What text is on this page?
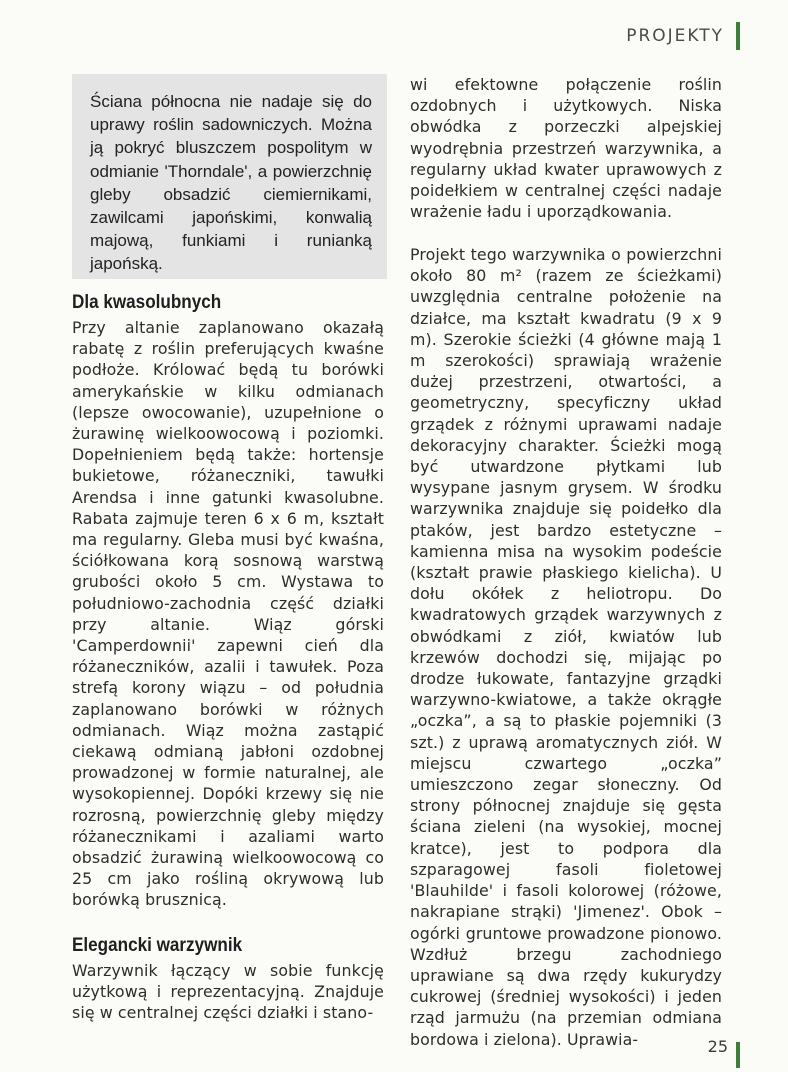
PROJEKTY
Ściana północna nie nadaje się do uprawy roślin sadowniczych. Można ją pokryć bluszczem pospolitym w odmianie 'Thorndale', a powierzchnię gleby obsadzić ciemiernikami, zawilcami japońskimi, konwalią majową, funkiami i runianką japońską.
Dla kwasolubnych
Przy altanie zaplanowano okazałą rabatę z roślin preferujących kwaśne podłoże. Królować będą tu borówki amerykańskie w kilku odmianach (lepsze owocowanie), uzupełnione o żurawinę wielkoowocową i poziomki. Dopełnieniem będą także: hortensje bukietowe, różaneczniki, tawułki Arendsa i inne gatunki kwasolubne. Rabata zajmuje teren 6 x 6 m, kształt ma regularny. Gleba musi być kwaśna, ściółkowana korą sosnową warstwą grubości około 5 cm. Wystawa to południowo-zachodnia część działki przy altanie. Wiąz górski 'Camperdownii' zapewni cień dla różaneczników, azalii i tawułek. Poza strefą korony wiązu – od południa zaplanowano borówki w różnych odmianach. Wiąz można zastąpić ciekawą odmianą jabłoni ozdobnej prowadzonej w formie naturalnej, ale wysokopiennej. Dopóki krzewy się nie rozrosną, powierzchnię gleby między różanecznikami i azaliami warto obsadzić żurawiną wielkoowocową co 25 cm jako rośliną okrywową lub borówką brusznicą.
Elegancki warzywnik
Warzywnik łączący w sobie funkcję użytkową i reprezentacyjną. Znajduje się w centralnej części działki i stano-
wi efektowne połączenie roślin ozdobnych i użytkowych. Niska obwódka z porzeczki alpejskiej wyodrębnia przestrzeń warzywnika, a regularny układ kwater uprawowych z poidełkiem w centralnej części nadaje wrażenie ładu i uporządkowania.
Projekt tego warzywnika o powierzchni około 80 m² (razem ze ścieżkami) uwzględnia centralne położenie na działce, ma kształt kwadratu (9 x 9 m). Szerokie ścieżki (4 główne mają 1 m szerokości) sprawiają wrażenie dużej przestrzeni, otwartości, a geometryczny, specyficzny układ grządek z różnymi uprawami nadaje dekoracyjny charakter. Ścieżki mogą być utwardzone płytkami lub wysypane jasnym grysem. W środku warzywnika znajduje się poidełko dla ptaków, jest bardzo estetyczne – kamienna misa na wysokim podeście (kształt prawie płaskiego kielicha). U dołu okółek z heliotropu. Do kwadratowych grządek warzywnych z obwódkami z ziół, kwiatów lub krzewów dochodzi się, mijając po drodze łukowate, fantazyjne grządki warzywno-kwiatowe, a także okrągłe „oczka”, a są to płaskie pojemniki (3 szt.) z uprawą aromatycznych ziół. W miejscu czwartego „oczka” umieszczono zegar słoneczny. Od strony północnej znajduje się gęsta ściana zieleni (na wysokiej, mocnej kratce), jest to podpora dla szparagowej fasoli fioletowej 'Blauhilde' i fasoli kolorowej (różowe, nakrapiane strąki) 'Jimenez'. Obok – ogórki gruntowe prowadzone pionowo. Wzdłuż brzegu zachodniego uprawiane są dwa rzędy kukurydzy cukrowej (średniej wysokości) i jeden rząd jarmużu (na przemian odmiana bordowa i zielona). Uprawia-	25
